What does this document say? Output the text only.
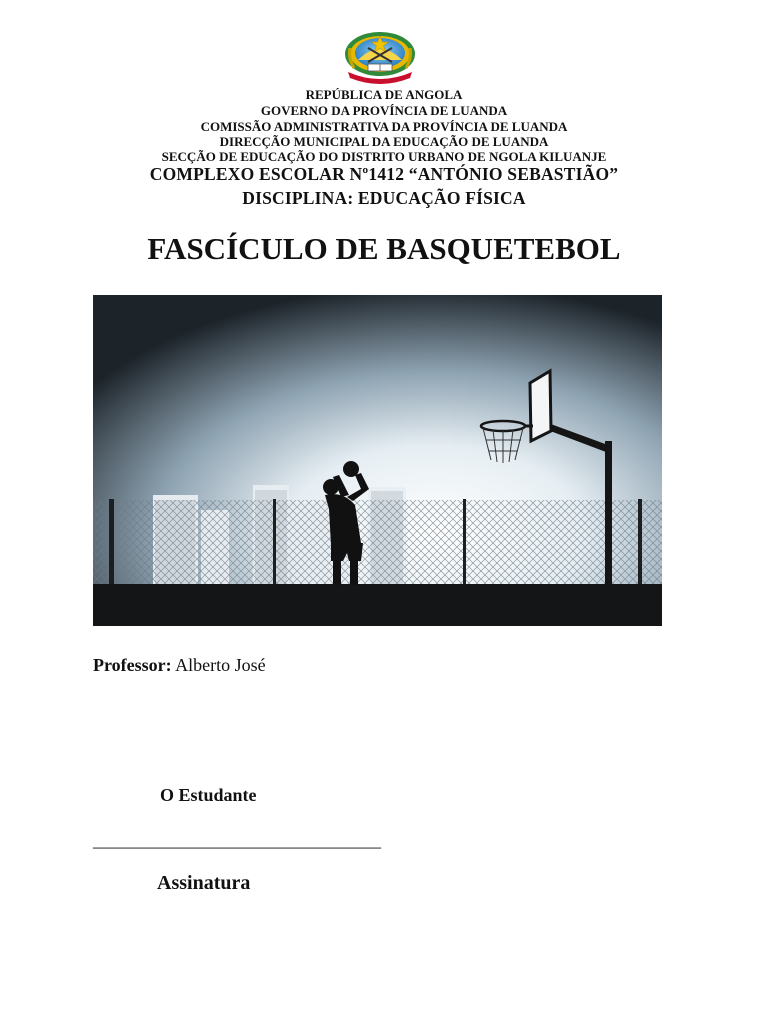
REPÚBLICA DE ANGOLA
GOVERNO DA PROVÍNCIA DE LUANDA
COMISSÃO ADMINISTRATIVA DA PROVÍNCIA DE LUANDA
DIRECÇÃO MUNICIPAL DA EDUCAÇÃO DE LUANDA
SECÇÃO DE EDUCAÇÃO DO DISTRITO URBANO DE NGOLA KILUANJE
COMPLEXO ESCOLAR Nº1412 “ANTÓNIO SEBASTIÃO”
DISCIPLINA: EDUCAÇÃO FÍSICA
FASCÍCULO DE BASQUETEBOL
Professor: Alberto José
O Estudante
________________________________
Assinatura
